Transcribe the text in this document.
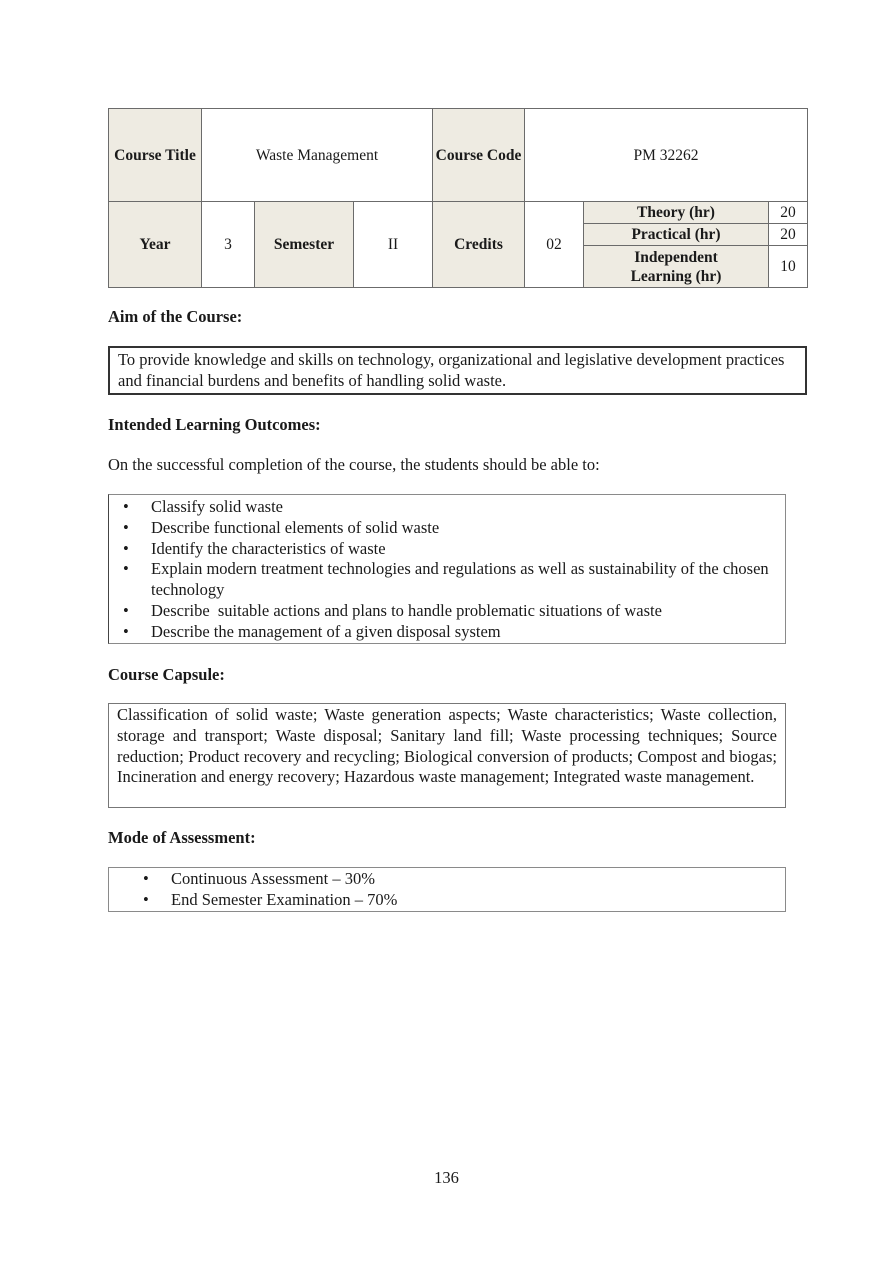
Course Title	Waste Management			Course Code	PM 32262		
Year	3	Semester	II	Credits	02	Theory (hr)	20
						Practical (hr)	20
						Independent Learning (hr)	10
Aim of the Course:
To provide knowledge and skills on technology, organizational and legislative development practices and financial burdens and benefits of handling solid waste.
Intended Learning Outcomes:
On the successful completion of the course, the students should be able to:
• Classify solid waste
• Describe functional elements of solid waste
• Identify the characteristics of waste
• Explain modern treatment technologies and regulations as well as sustainability of the chosen technology
• Describe  suitable actions and plans to handle problematic situations of waste
• Describe the management of a given disposal system
Course Capsule:
Classification of solid waste; Waste generation aspects; Waste characteristics; Waste collection, storage and transport; Waste disposal; Sanitary land fill; Waste processing techniques; Source reduction; Product recovery and recycling; Biological conversion of products; Compost and biogas; Incineration and energy recovery; Hazardous waste management; Integrated waste management.
Mode of Assessment:
• Continuous Assessment – 30%
• End Semester Examination – 70%
136
